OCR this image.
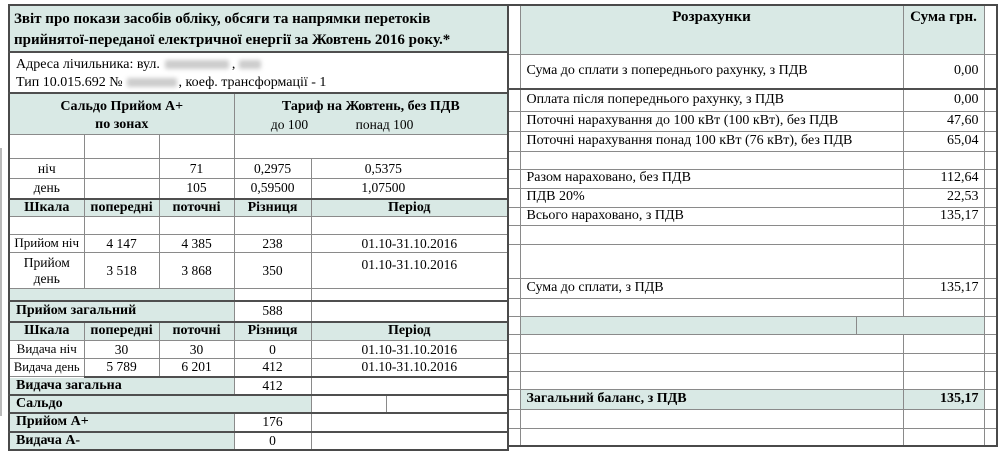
Звіт про покази засобів обліку, обсяги та напрямки перетоків
прийнятої-переданої електричної енергії за Жовтень 2016 року.*					

Адреса лічильника: вул. ,
Тип 10.015.692 № , коеф. трансформації - 1					

Сальдо Прийом А+
по зонах

Тариф на Жовтень, без ПДВ
до 100	понад 100

ніч		71	0,2975	0,5375	
день		105	0,59500	1,07500	
Шкала	попередні	поточні	Різниця	Період	

Прийом ніч	4 147	4 385	238	01.10-31.10.2016	
Прийом день	3 518	3 868	350	01.10-31.10.2016	

Прийом загальний			588		
Шкала	попередні	поточні	Різниця	Період	
Видача ніч	30	30	0	01.10-31.10.2016	
Видача день	5 789	6 201	412	01.10-31.10.2016	
Видача загальна			412		
Сальдо					
Прийом А+			176		
Видача А-			0		
	Розрахунки		Сума грн.	
	Сума до сплати з попереднього рахунку, з ПДВ		0,00	
	Оплата після попереднього рахунку, з ПДВ		0,00	
	Поточні нарахування до 100 кВт (100 кВт), без ПДВ		47,60	
	Поточні нарахування понад 100 кВт (76 кВт), без ПДВ		65,04	

	Разом нараховано, без ПДВ		112,64	
	ПДВ 20%		22,53	
	Всього нараховано, з ПДВ		135,17	

	Сума до сплати, з ПДВ		135,17	

	Загальний баланс, з ПДВ		135,17	
